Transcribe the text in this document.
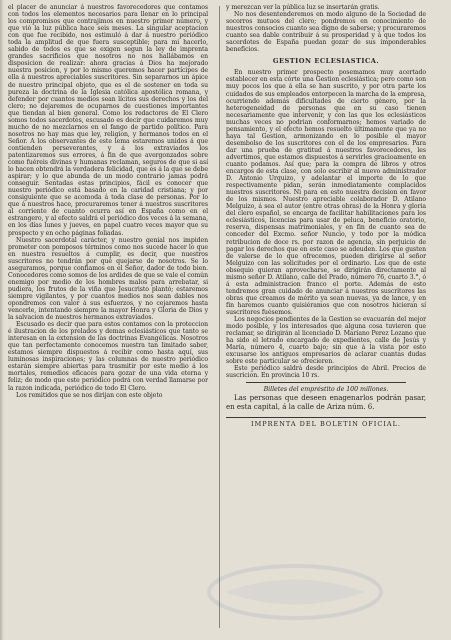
el placer de anunciar á nuestros favorecedores que contamos con todos los elementos necesarios para llenar en lo principal los compromisos que contrajimos en nuestro primer número, y que vió la luz pública hace seis meses. La singular aceptacion con que fue recibido, nos estimuló á dar á nuestro periódico toda la amplitud de que fuera susceptible; para mi hacerlo, sabido de todos es que se exigen segun la ley de imprenta grandes sacrificios que nosotros no nos hallábamos en disposicion de realizar: ahora gracias á Dios ha mejorado nuestra posicion, y por lo mismo queremos hacer partícipes de ella á nuestros apreciables suscritores. Sin separarnos un ápice de nuestro principal objeto, que es el de sostener en toda su pureza la doctrina de la Iglesia católica apostólica romana, y defender por cuantos medios sean lícitos sus derechos y los del clero; no dejaremos de ocuparnos de cuestiones importantes que tiendan al bien general. Como los redactores de El Clero somos todos sacerdotes, escusado es decir que cuidaremos muy mucho de no mezclarnos en el fango de partido político. Para nosotros no hay mas que ley, religion, y hermanos todos en el Señor. A los observantes de este lema estaremos unidos á que contienden perseverantes, y á los extraviados los patentizaremos sus errores, á fin de que avergonzados sobre como fuéreis divinas y humanas reclaman, seguros de que si así lo hacen obtendrá la verdadera felicidad, que es á la que se debe aspirar; y lo que abunda de un modo contrario jamas podrá conseguir. Sentadas estas principios, fácil es conocer que nuestro periódico está basado en la caridad cristiana; y por consiguiente que se acomoda á toda clase de personas. Por lo que á nuestros hace, procuraremos tener á nuestros suscritores al corriente de cuanto ocurra así en España como en el estrangero, y al efecto saldrá el periódico dos veces á la semana, en los días lunes y jueves, en papel cuatro veces mayor que su prospecto y en ocho páginas foliadas.

Nuestro sacerdotal carácter, y nuestro genial nos impiden prometer con pomposos términos como nos sucede hacer lo que en nuestra resueltos á cumplir, es decir, que nuestros suscritores no tendrán por qué quejarse de nosotros. Se lo aseguramos, porque confiamos en el Señor, dador de todo bien. Conocedores como somos de los ardides de que se vale el común enemigo por medio de los hombres malos para arrebatar, si pudiera, los frutos de la viña que Jesucristo plantó; estaremos siempre vigilantes, y por cuantos medios nos sean dables nos opondremos con valor á sus esfuerzos, y no cejaremos hasta vencerle, intentando siempre la mayor Honra y Gloria de Dios y la salvacion de nuestros hermanos extraviados.

Escusado es decir que para estos contamos con la proteccion é ilustracion de los prelados y demas eclesiásticos que tanto se interesan en la extension de las doctrinas Evangélicas. Nosotros que tan perfectamente conocemos nuestra tan limitado saber, estamos siempre dispuestos á recibir como hasta aquí, sus luminosas inspiraciones; y las columnas de nuestro periódico estarán siempre abiertas para trasmitir por este medio á los mortales, remedios eficaces para gozar de una vida eterna y feliz; de modo que este periódico podrá con verdad llamarse por la razon indicada, periódico de todo El Clero.

Los remitidos que se nos dirijan con este objeto

y merezcan ver la pública luz se insertarán gratis.

No nos desentenderemos en modo alguno de la Sociedad de socorros mutuos del clero; pondremos en conocimiento de nuestros consocios cuanto sea digno de saberse; y procuraremos cuanto sea dable contribuir á su prosperidad y á que todos los sacerdotes de España puedan gozar de sus imponderables beneficios.

GESTION ECLESIASTICA.

En nuestro primer prospecto posemamos muy acertado establecer en esta córte una Gestion eclesiástica; pero como son muy pocos los que á ella se han suscrito, y por otra parte los cuidados de sus empleados entorpecen la marcha de la empresa, ocurriendo además dificultades de cierto género, por la heterogeneidad de personas que en su caso tienen necesariamente que intervenir, y con las que los eclesiásticos muchas veces no podrian conformarnos; hemos variado de pensamiento, y el efecto hemos resuelto últimamente que ya no haya tal Gestion, armonizando en lo posible el mayor desembolso de los suscritores con el de los empresarios. Para dar una prueba de gratitud á nuestros favorecedores, les advertimos, que estamos dispuestos á servirles gracioamente en cuanto podamos. Así que; para la compra de libros y otros encargos de esta clase, con solo escribir al nuevo administrador D. Antonio Urquizo, y adelantar el importe de lo que respectivamente pidan, serán inmediatamente complacidos nuestros suscritores. Ni para en esto nuestra decision en favor de los mismos. Nuestro apreciable colaborador D. Atilano Melguizo, á sea el autor (entre otras obras) de la Honra y gloria del clero español, se encarga de facilitar habilitaciones para los eclesiásticos, licencias para usar de peluca, beneficio oratorio, reserva, dispensas matrimoniales, y en fin de cuanto sea de conceder del Excmo. señor Nuncio, y todo por la módica retribucion de doce rs. por razon de agencia, sin perjuicio de pagar los derechos que en este caso se adeuden. Los que gusten de valerse de lo que ofrecemos, pueden dirigirse al señor Melguizo con las solicitudes por el ordinario. Los que de este obsequio quieran aprovecharse, se dirigirán directamente al mismo señor D. Atilano, calle del Prado, número 76, cuarto 3.°, ó á esta administracion franco el porte. Además de esto tendremos gran cuidado de anunciar á nuestros suscritores las obras que creamos de mérito ya sean nuevas, ya de lance, y en fin haremos cuanto quisiéramos que con nosotros hicieran sí suscritores fuésemos.

Los negocios pendientes de la Gestion se evacuarán del mejor modo posible, y los interesados que alguna cosa tuvieren que reclamar, se dirigirán al licenciado D. Mariano Perez Lozano que ha sido el letrado encargado de expedientes, calle de Jesús y María, número 4, cuarto bajo; sin que á la vista por esto excusarse los antiguos empresarios de aclarar cuantas dudas sobre este particular se ofrecieren.

Este periódico saldrá desde principios de Abril. Precios de suscricion. En provincia 10 rs.

Billetes del empréstito de 100 millones.
Las personas que deseen enagenarlos podrán pasar, en esta capital, á la calle de Ariza núm. 6.
IMPRENTA DEL BOLETIN OFICIAL.
